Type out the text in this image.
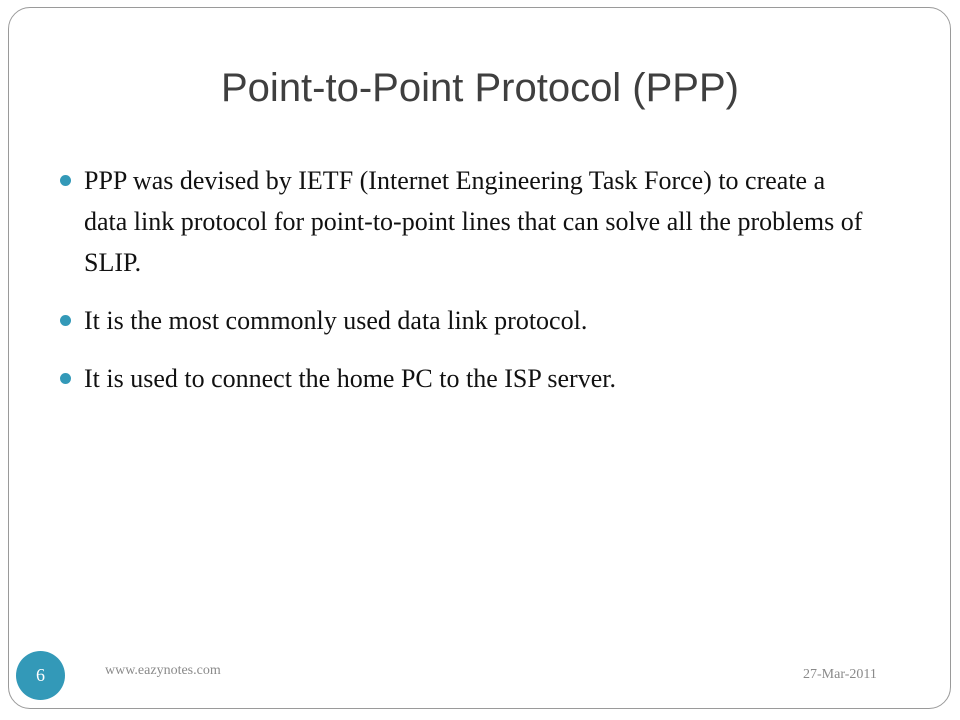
Point-to-Point Protocol (PPP)
PPP was devised by IETF (Internet Engineering Task Force) to create a data link protocol for point-to-point lines that can solve all the problems of SLIP.
It is the most commonly used data link protocol.
It is used to connect the home PC to the ISP server.
6	www.eazynotes.com	27-Mar-2011
